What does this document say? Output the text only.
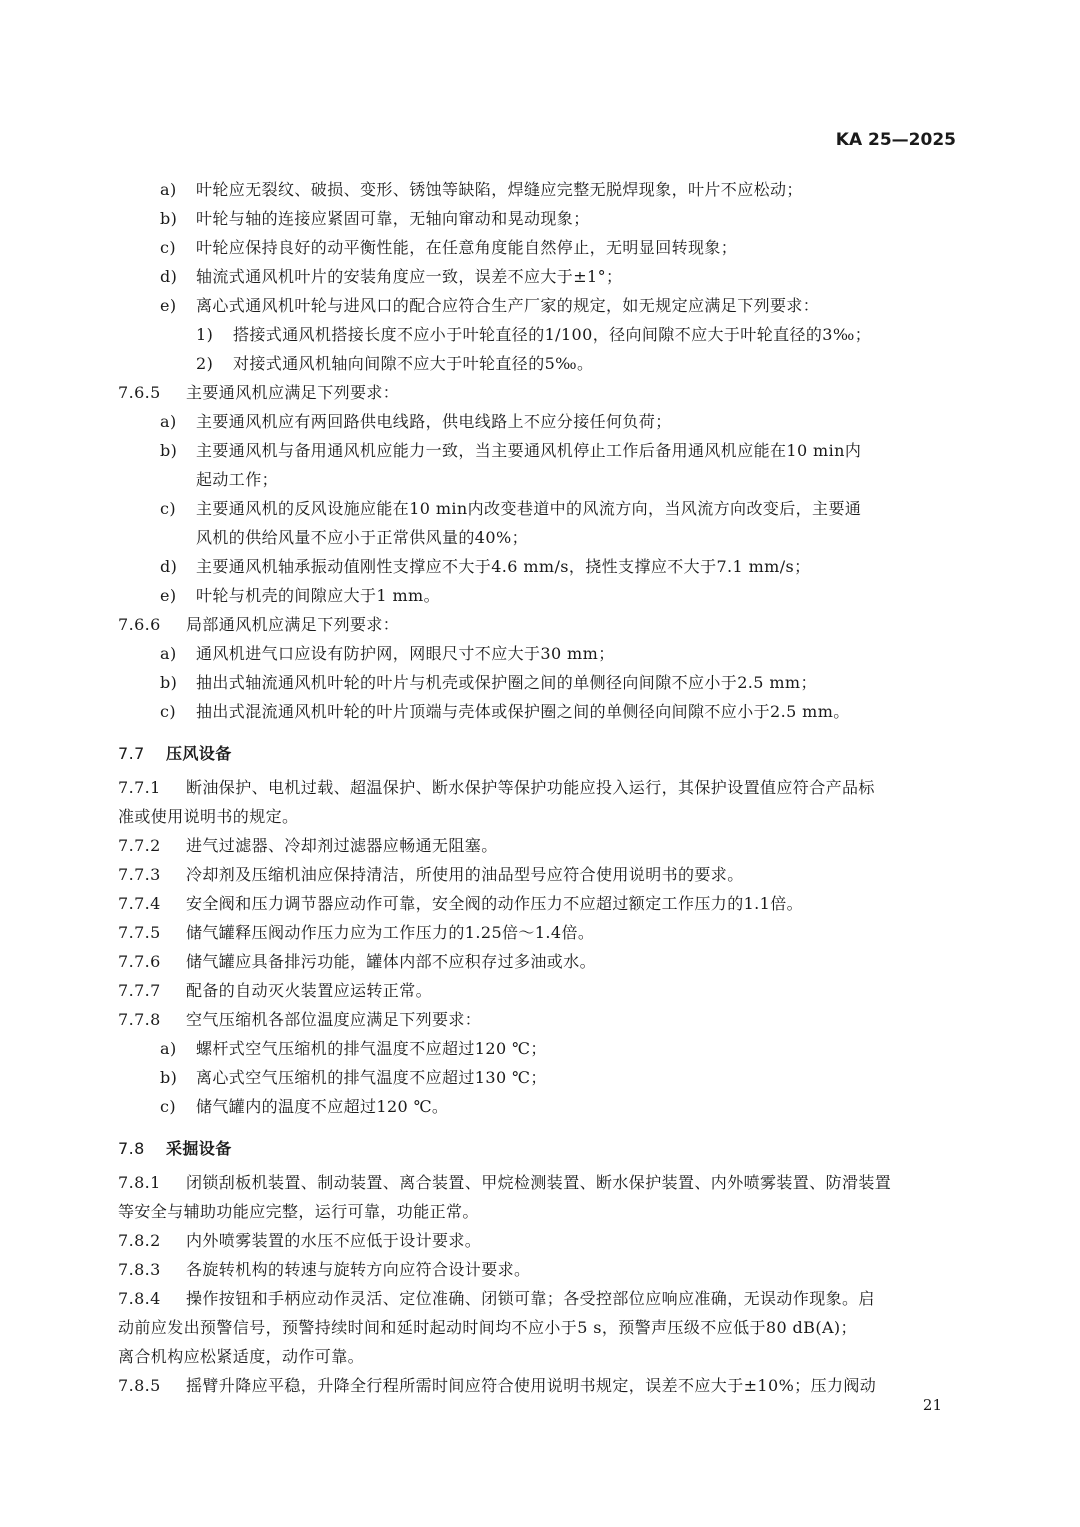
KA 25—2025
a) 叶轮应无裂纹、破损、变形、锈蚀等缺陷，焊缝应完整无脱焊现象，叶片不应松动；
b) 叶轮与轴的连接应紧固可靠，无轴向窜动和晃动现象；
c) 叶轮应保持良好的动平衡性能，在任意角度能自然停止，无明显回转现象；
d) 轴流式通风机叶片的安装角度应一致，误差不应大于±1°；
e) 离心式通风机叶轮与进风口的配合应符合生产厂家的规定，如无规定应满足下列要求：
1) 搭接式通风机搭接长度不应小于叶轮直径的1/100，径向间隙不应大于叶轮直径的3‰；
2) 对接式通风机轴向间隙不应大于叶轮直径的5‰。
7.6.5 主要通风机应满足下列要求：
a) 主要通风机应有两回路供电线路，供电线路上不应分接任何负荷；
b) 主要通风机与备用通风机应能力一致，当主要通风机停止工作后备用通风机应能在10 min内
起动工作；
c) 主要通风机的反风设施应能在10 min内改变巷道中的风流方向，当风流方向改变后，主要通
风机的供给风量不应小于正常供风量的40%；
d) 主要通风机轴承振动值刚性支撑应不大于4.6 mm/s，挠性支撑应不大于7.1 mm/s；
e) 叶轮与机壳的间隙应大于1 mm。
7.6.6 局部通风机应满足下列要求：
a) 通风机进气口应设有防护网，网眼尺寸不应大于30 mm；
b) 抽出式轴流通风机叶轮的叶片与机壳或保护圈之间的单侧径向间隙不应小于2.5 mm；
c) 抽出式混流通风机叶轮的叶片顶端与壳体或保护圈之间的单侧径向间隙不应小于2.5 mm。
7.7 压风设备
7.7.1 断油保护、电机过载、超温保护、断水保护等保护功能应投入运行，其保护设置值应符合产品标
准或使用说明书的规定。
7.7.2 进气过滤器、冷却剂过滤器应畅通无阻塞。
7.7.3 冷却剂及压缩机油应保持清洁，所使用的油品型号应符合使用说明书的要求。
7.7.4 安全阀和压力调节器应动作可靠，安全阀的动作压力不应超过额定工作压力的1.1倍。
7.7.5 储气罐释压阀动作压力应为工作压力的1.25倍～1.4倍。
7.7.6 储气罐应具备排污功能，罐体内部不应积存过多油或水。
7.7.7 配备的自动灭火装置应运转正常。
7.7.8 空气压缩机各部位温度应满足下列要求：
a) 螺杆式空气压缩机的排气温度不应超过120 ℃；
b) 离心式空气压缩机的排气温度不应超过130 ℃；
c) 储气罐内的温度不应超过120 ℃。
7.8 采掘设备
7.8.1 闭锁刮板机装置、制动装置、离合装置、甲烷检测装置、断水保护装置、内外喷雾装置、防滑装置
等安全与辅助功能应完整，运行可靠，功能正常。
7.8.2 内外喷雾装置的水压不应低于设计要求。
7.8.3 各旋转机构的转速与旋转方向应符合设计要求。
7.8.4 操作按钮和手柄应动作灵活、定位准确、闭锁可靠；各受控部位应响应准确，无误动作现象。启
动前应发出预警信号，预警持续时间和延时起动时间均不应小于5 s，预警声压级不应低于80 dB(A)；
离合机构应松紧适度，动作可靠。
7.8.5 摇臂升降应平稳，升降全行程所需时间应符合使用说明书规定，误差不应大于±10%；压力阀动
21
